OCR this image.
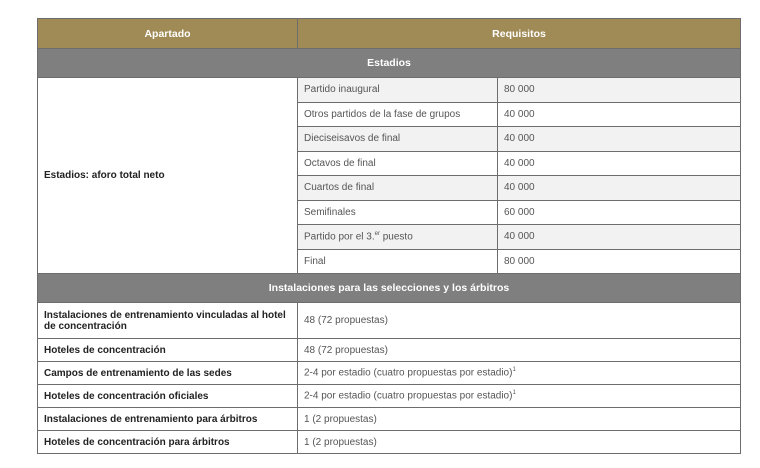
Apartado	Requisitos	
Estadios		
Estadios: aforo total neto	Partido inaugural	80 000
	Otros partidos de la fase de grupos	40 000
	Dieciseisavos de final	40 000
	Octavos de final	40 000
	Cuartos de final	40 000
	Semifinales	60 000
	Partido por el 3.$^{er}$ puesto	40 000
	Final	80 000
Instalaciones para las selecciones y los árbitros		
Instalaciones de entrenamiento vinculadas al hotel de concentración	48 (72 propuestas)	
Hoteles de concentración	48 (72 propuestas)	
Campos de entrenamiento de las sedes	2-4 por estadio (cuatro propuestas por estadio)$^1$
Hoteles de concentración oficiales	2-4 por estadio (cuatro propuestas por estadio)$^1$
Instalaciones de entrenamiento para árbitros	1 (2 propuestas)	
Hoteles de concentración para árbitros	1 (2 propuestas)	
